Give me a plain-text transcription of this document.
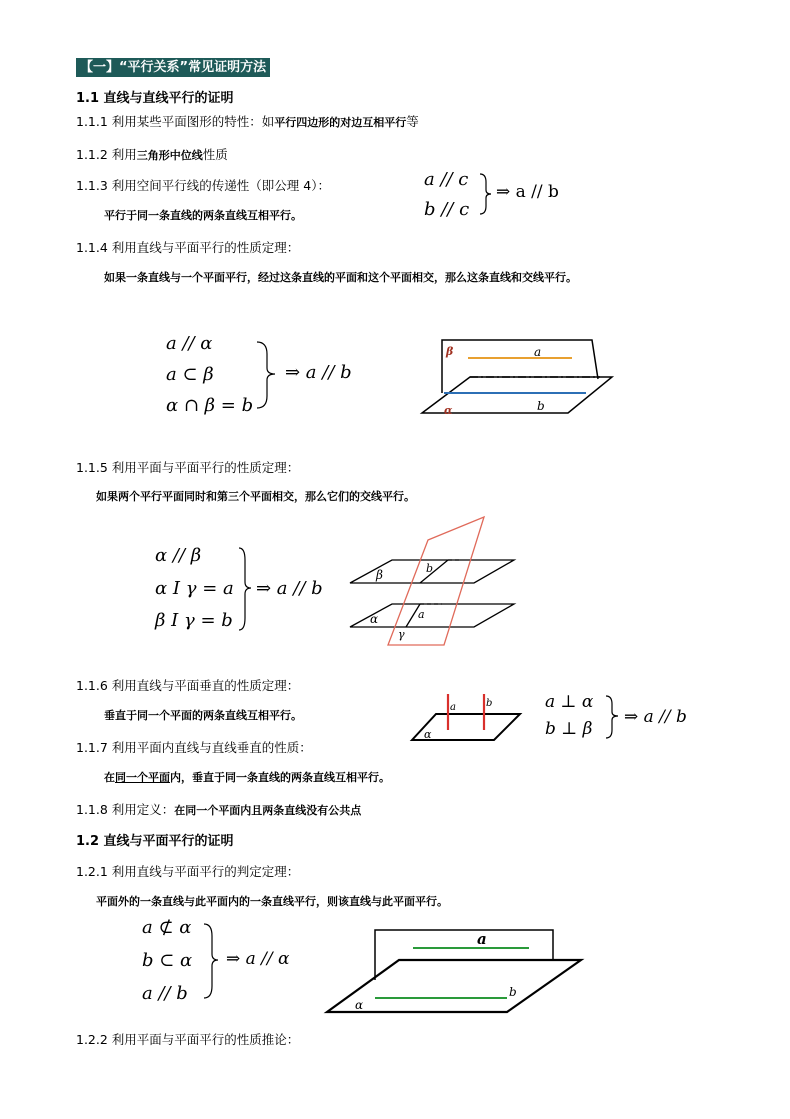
【一】“平行关系”常见证明方法
1.1 直线与直线平行的证明
1.1.1 利用某些平面图形的特性：如平行四边形的对边互相平行等
1.1.2 利用三角形中位线性质
1.1.3 利用空间平行线的传递性（即公理 4）：
平行于同一条直线的两条直线互相平行。
a // c
b // c
⇒ a // b
1.1.4 利用直线与平面平行的性质定理：
如果一条直线与一个平面平行，经过这条直线的平面和这个平面相交，那么这条直线和交线平行。
a // α
a ⊂ β
α ∩ β = b
⇒ a // b
β	a
b
α
1.1.5 利用平面与平面平行的性质定理：
如果两个平行平面同时和第三个平面相交，那么它们的交线平行。
α // β
α I γ = a
β I γ = b
⇒ a // b
β	b
α	a
γ
1.1.6 利用直线与平面垂直的性质定理：
垂直于同一个平面的两条直线互相平行。
a	b
α
a ⊥ α
b ⊥ β
⇒ a // b
1.1.7 利用平面内直线与直线垂直的性质：
在同一个平面内，垂直于同一条直线的两条直线互相平行。
1.1.8 利用定义：在同一个平面内且两条直线没有公共点
1.2 直线与平面平行的证明
1.2.1 利用直线与平面平行的判定定理：
平面外的一条直线与此平面内的一条直线平行，则该直线与此平面平行。
a ⊄ α
b ⊂ α
a // b
⇒ a // α
a
b
α
1.2.2 利用平面与平面平行的性质推论：
